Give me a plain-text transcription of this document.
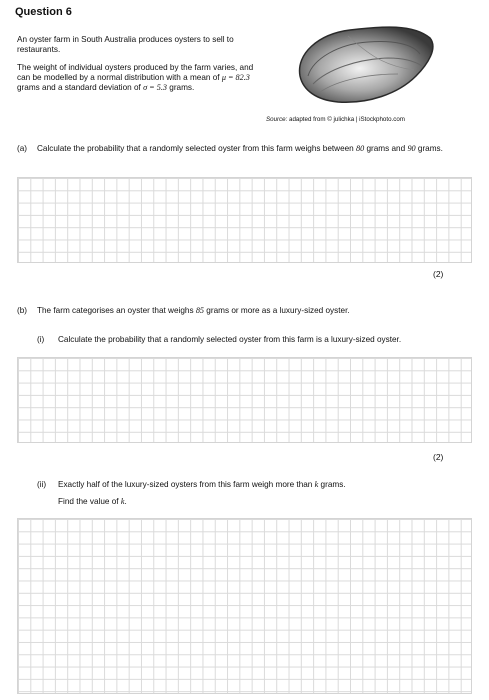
Question 6
An oyster farm in South Australia produces oysters to sell to restaurants.
The weight of individual oysters produced by the farm varies, and can be modelled by a normal distribution with a mean of μ = 82.3 grams and a standard deviation of σ = 5.3 grams.
Source: adapted from © julichka | iStockphoto.com
(a) Calculate the probability that a randomly selected oyster from this farm weighs between 80 grams and 90 grams.
(2)
(b) The farm categorises an oyster that weighs 85 grams or more as a luxury-sized oyster.
(i) Calculate the probability that a randomly selected oyster from this farm is a luxury-sized oyster.
(2)
(ii) Exactly half of the luxury-sized oysters from this farm weigh more than k grams.
Find the value of k.
